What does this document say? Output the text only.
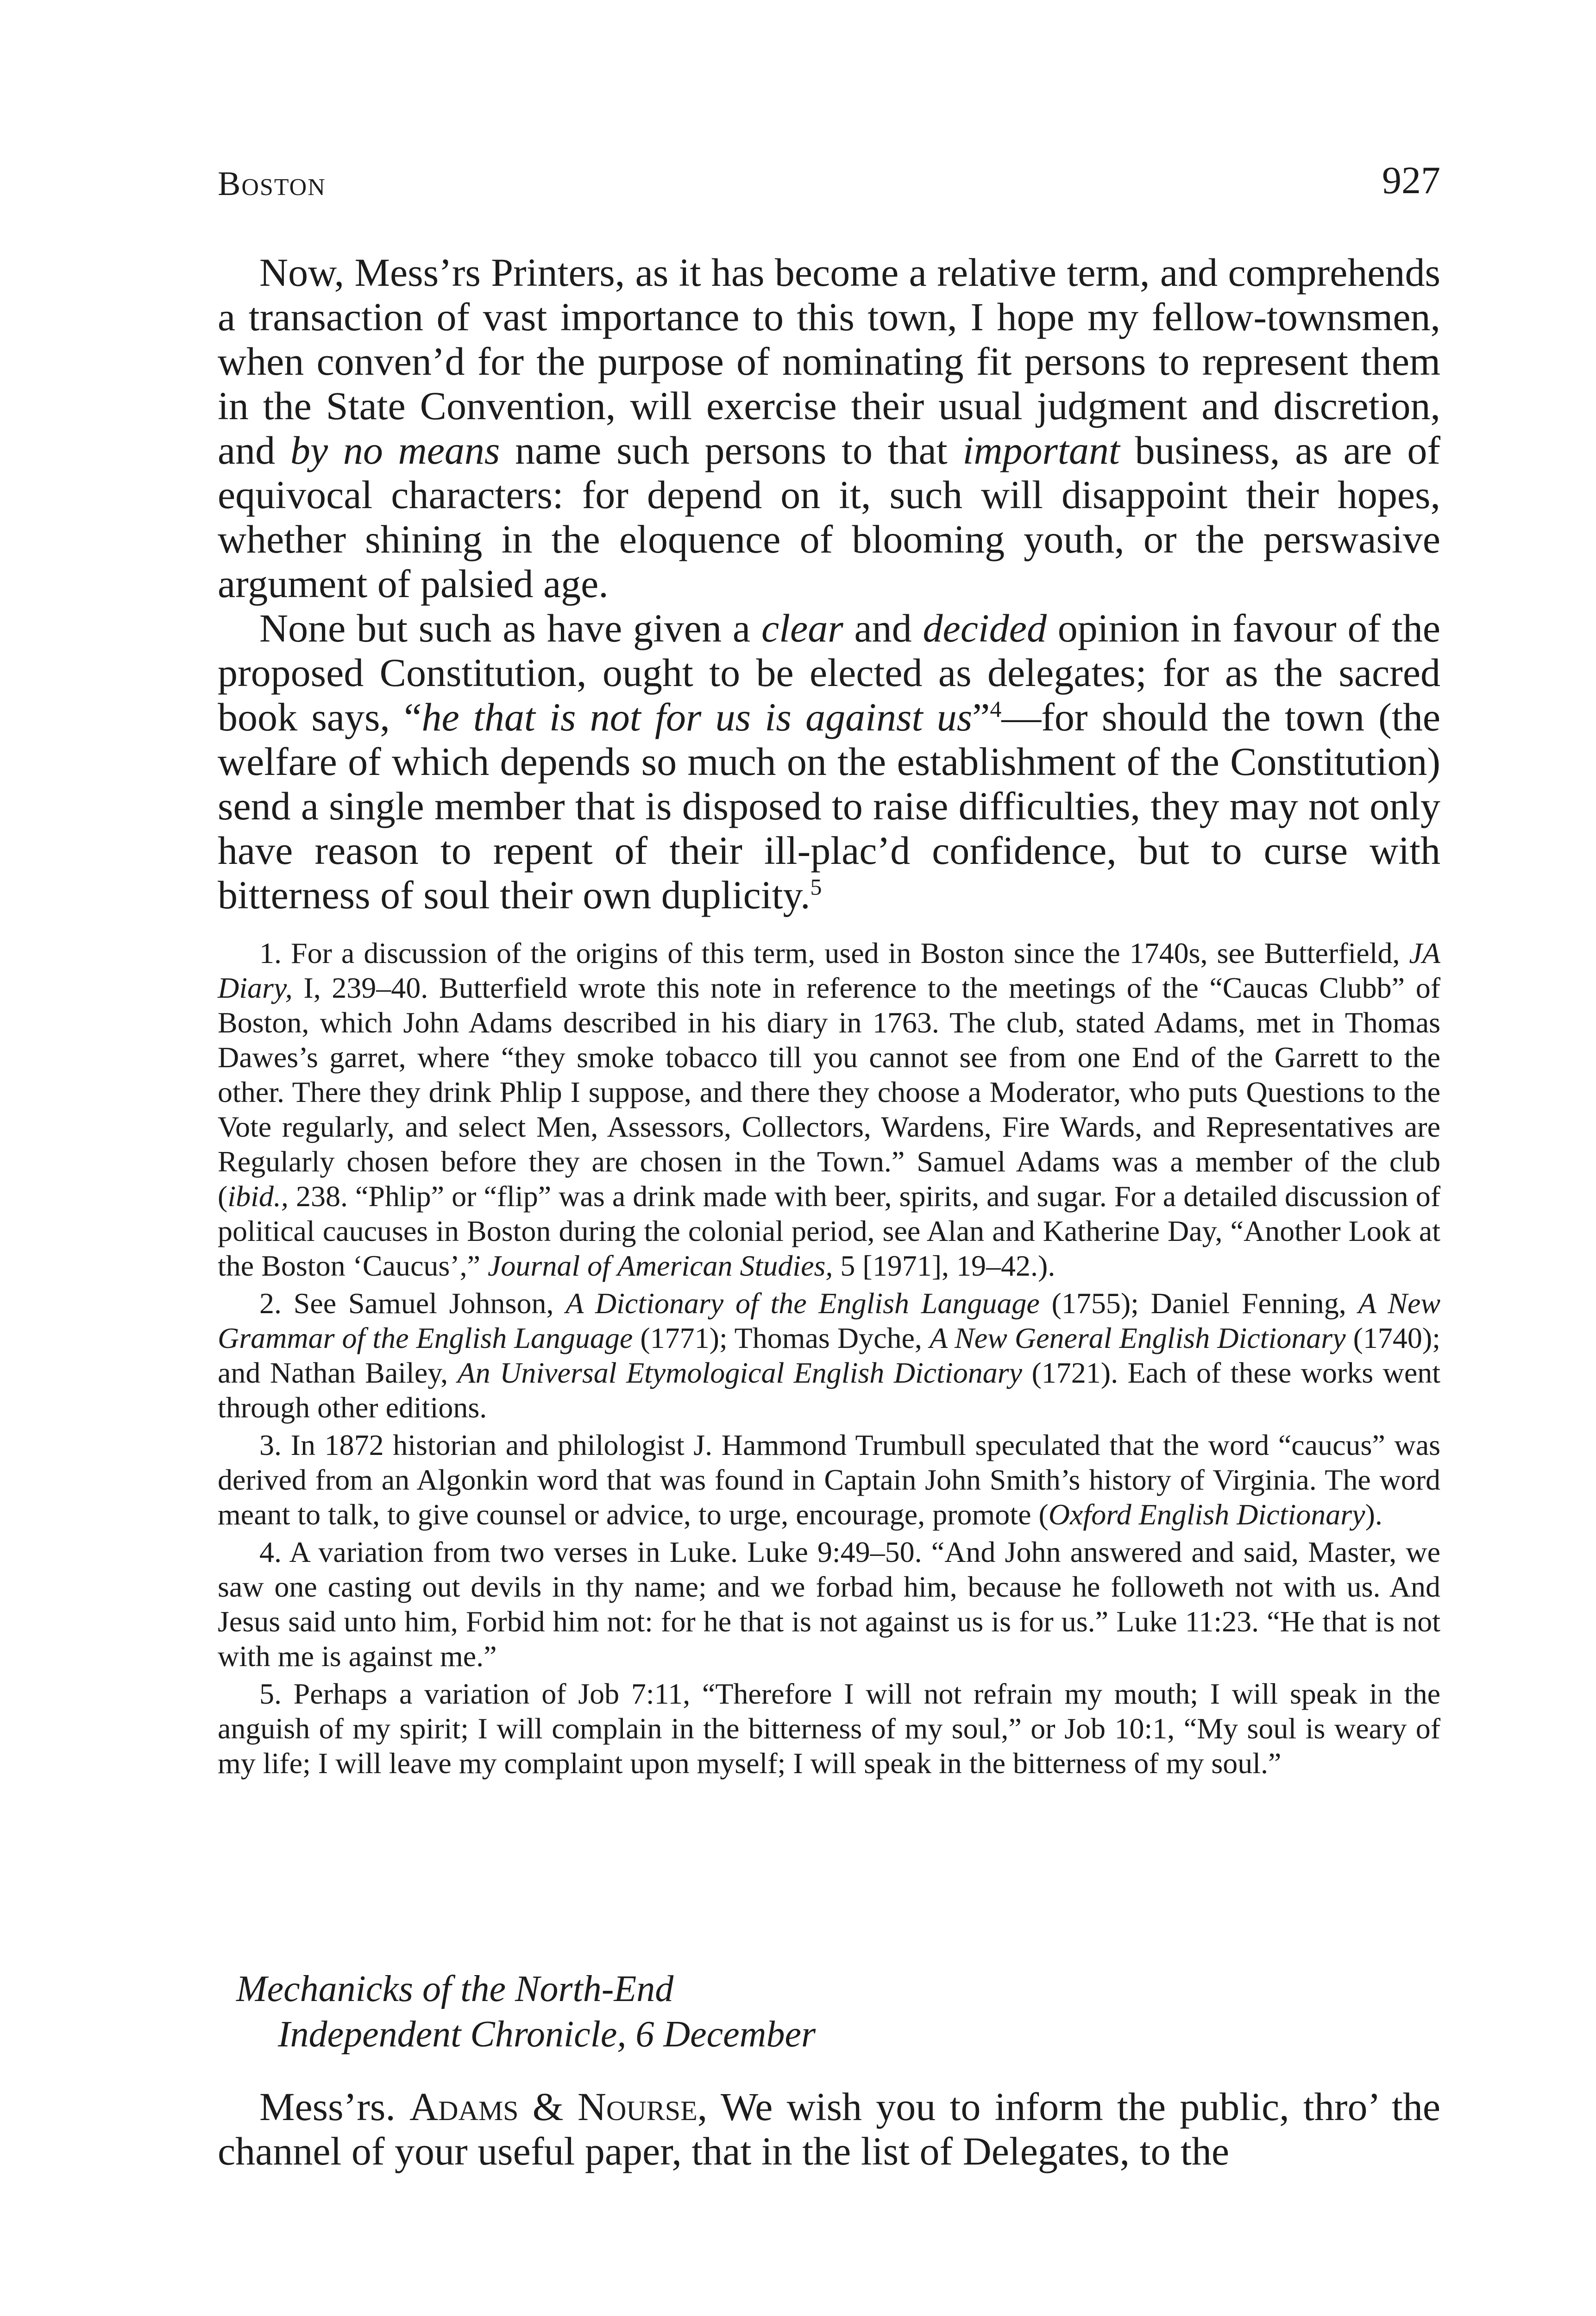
Boston	927

Now, Mess’rs Printers, as it has become a relative term, and comprehends a transaction of vast importance to this town, I hope my fellow-townsmen, when conven’d for the purpose of nominating fit persons to represent them in the State Convention, will exercise their usual judgment and discretion, and by no means name such persons to that important business, as are of equivocal characters: for depend on it, such will disappoint their hopes, whether shining in the eloquence of blooming youth, or the perswasive argument of palsied age.

None but such as have given a clear and decided opinion in favour of the proposed Constitution, ought to be elected as delegates; for as the sacred book says, “he that is not for us is against us”$^4$—for should the town (the welfare of which depends so much on the establishment of the Constitution) send a single member that is disposed to raise difficulties, they may not only have reason to repent of their ill-plac’d confidence, but to curse with bitterness of soul their own duplicity.$^5$

1. For a discussion of the origins of this term, used in Boston since the 1740s, see Butterfield, JA Diary, I, 239–40. Butterfield wrote this note in reference to the meetings of the “Caucas Clubb” of Boston, which John Adams described in his diary in 1763. The club, stated Adams, met in Thomas Dawes’s garret, where “they smoke tobacco till you cannot see from one End of the Garrett to the other. There they drink Phlip I suppose, and there they choose a Moderator, who puts Questions to the Vote regularly, and select Men, Assessors, Collectors, Wardens, Fire Wards, and Representatives are Regularly chosen before they are chosen in the Town.” Samuel Adams was a member of the club (ibid., 238. “Phlip” or “flip” was a drink made with beer, spirits, and sugar. For a detailed discussion of political caucuses in Boston during the colonial period, see Alan and Katherine Day, “Another Look at the Boston ‘Caucus’,” Journal of American Studies, 5 [1971], 19–42.).

2. See Samuel Johnson, A Dictionary of the English Language (1755); Daniel Fenning, A New Grammar of the English Language (1771); Thomas Dyche, A New General English Dictionary (1740); and Nathan Bailey, An Universal Etymological English Dictionary (1721). Each of these works went through other editions.

3. In 1872 historian and philologist J. Hammond Trumbull speculated that the word “caucus” was derived from an Algonkin word that was found in Captain John Smith’s history of Virginia. The word meant to talk, to give counsel or advice, to urge, encourage, promote (Oxford English Dictionary).

4. A variation from two verses in Luke. Luke 9:49–50. “And John answered and said, Master, we saw one casting out devils in thy name; and we forbad him, because he followeth not with us. And Jesus said unto him, Forbid him not: for he that is not against us is for us.” Luke 11:23. “He that is not with me is against me.”

5. Perhaps a variation of Job 7:11, “Therefore I will not refrain my mouth; I will speak in the anguish of my spirit; I will complain in the bitterness of my soul,” or Job 10:1, “My soul is weary of my life; I will leave my complaint upon myself; I will speak in the bitterness of my soul.”

Mechanicks of the North-End
Independent Chronicle, 6 December

Mess’rs. Adams & Nourse, We wish you to inform the public, thro’ the channel of your useful paper, that in the list of Delegates, to the
